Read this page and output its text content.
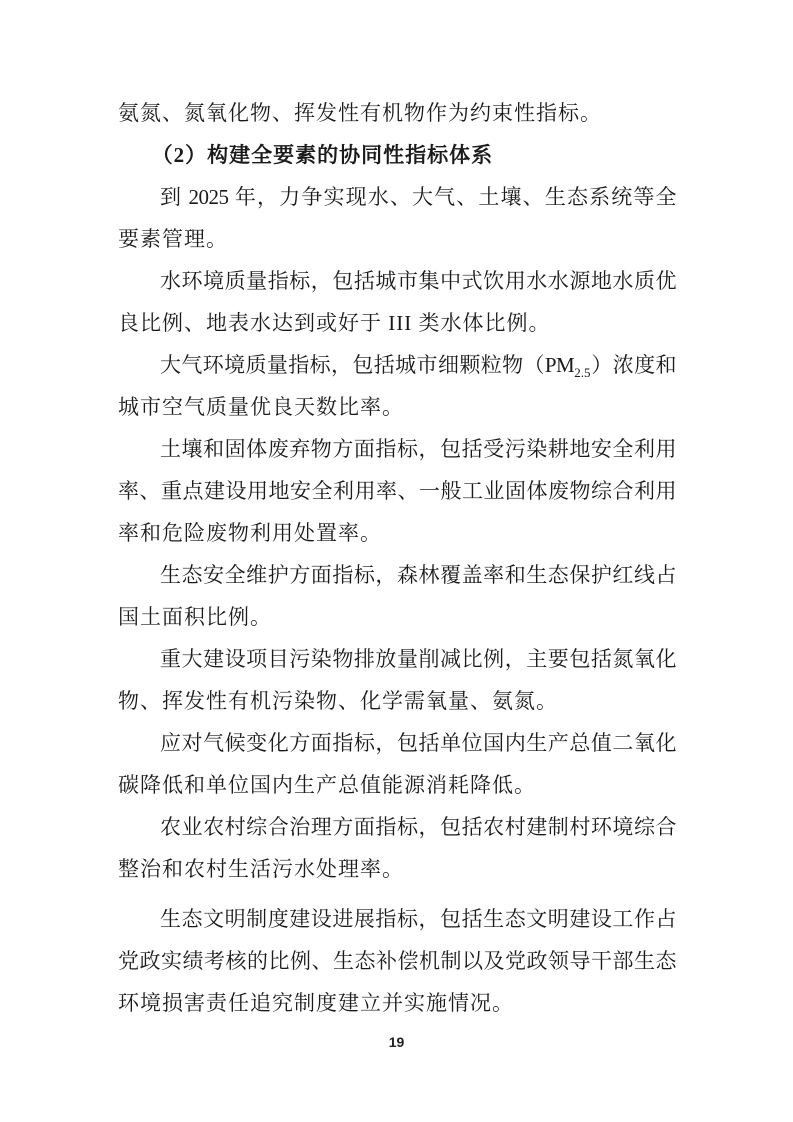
氨氮、氮氧化物、挥发性有机物作为约束性指标。
（2）构建全要素的协同性指标体系
到 2025 年，力争实现水、大气、土壤、生态系统等全
要素管理。
水环境质量指标，包括城市集中式饮用水水源地水质优
良比例、地表水达到或好于 III 类水体比例。
大气环境质量指标，包括城市细颗粒物$(PM_{2.5})$浓度和
城市空气质量优良天数比率。
土壤和固体废弃物方面指标，包括受污染耕地安全利用
率、重点建设用地安全利用率、一般工业固体废物综合利用
率和危险废物利用处置率。
生态安全维护方面指标，森林覆盖率和生态保护红线占
国土面积比例。
重大建设项目污染物排放量削减比例，主要包括氮氧化
物、挥发性有机污染物、化学需氧量、氨氮。
应对气候变化方面指标，包括单位国内生产总值二氧化
碳降低和单位国内生产总值能源消耗降低。
农业农村综合治理方面指标，包括农村建制村环境综合
整治和农村生活污水处理率。
生态文明制度建设进展指标，包括生态文明建设工作占
党政实绩考核的比例、生态补偿机制以及党政领导干部生态
环境损害责任追究制度建立并实施情况。
19
